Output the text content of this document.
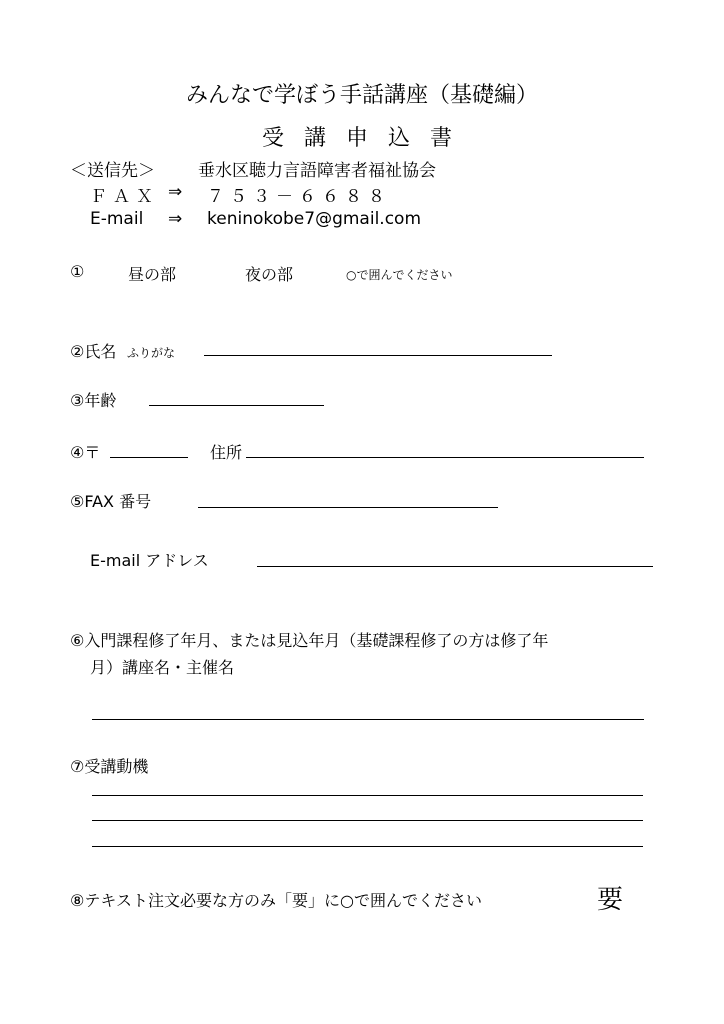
みんなで学ぼう手話講座（基礎編）
受講申込書
＜送信先＞	垂水区聴力言語障害者福祉協会
ＦＡＸ ⇒ ７５３－６６８８
E-mail ⇒ keninokobe7@gmail.com
①	昼の部	夜の部	○で囲んでください
②氏名 ふりがな
③年齢
④〒	住所
⑤FAX 番号
E-mail アドレス
⑥入門課程修了年月、または見込年月（基礎課程修了の方は修了年
月）講座名・主催名
⑦受講動機
⑧テキスト注文必要な方のみ「要」に○で囲んでください	要
